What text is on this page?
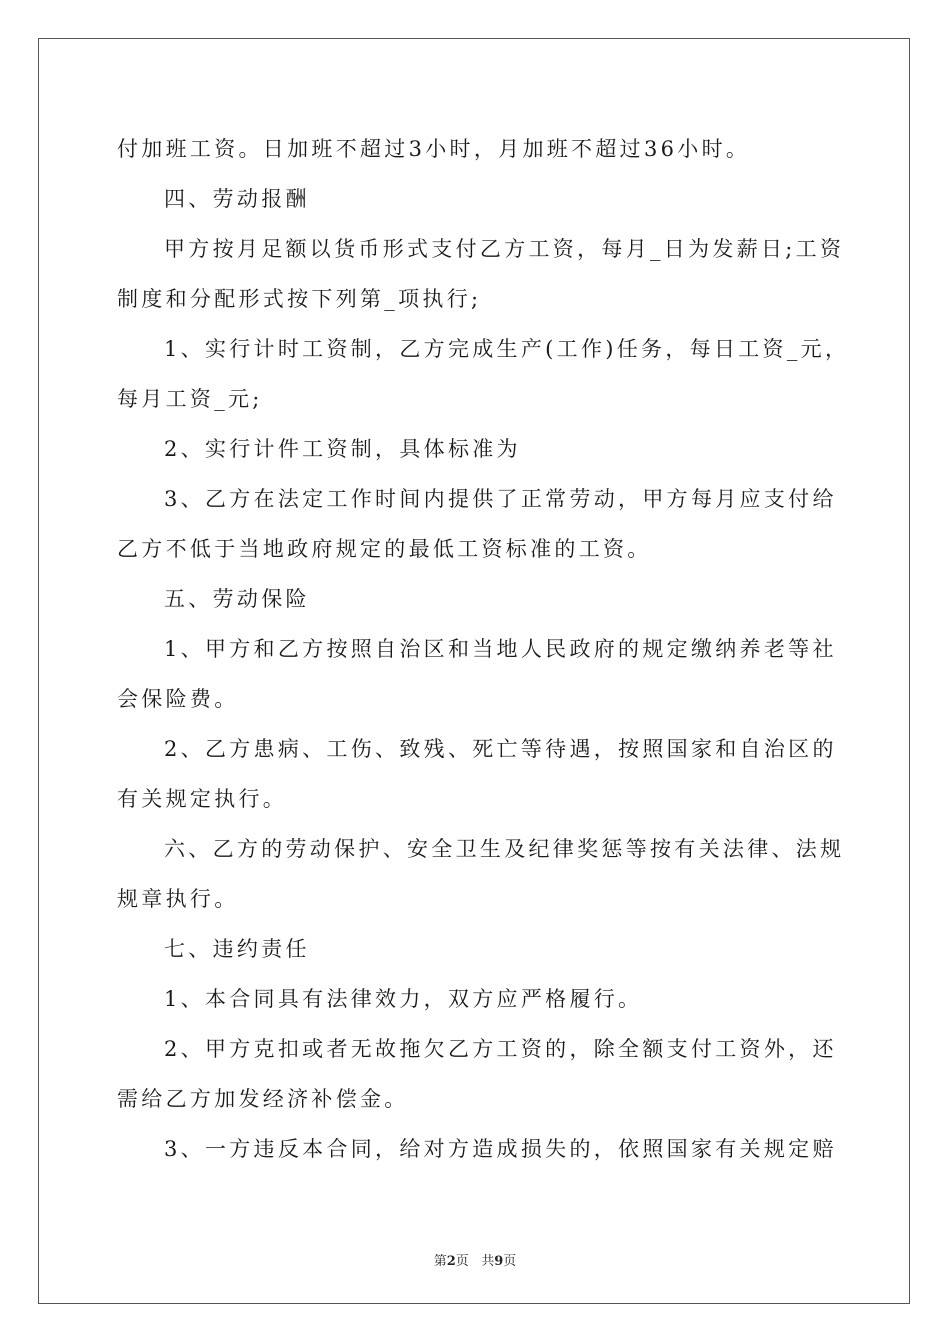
付加班工资。日加班不超过3小时，月加班不超过36小时。
四、劳动报酬
甲方按月足额以货币形式支付乙方工资，每月_日为发薪日;工资
制度和分配形式按下列第_项执行;
1、实行计时工资制，乙方完成生产(工作)任务，每日工资_元，
每月工资_元;
2、实行计件工资制，具体标准为
3、乙方在法定工作时间内提供了正常劳动，甲方每月应支付给
乙方不低于当地政府规定的最低工资标准的工资。
五、劳动保险
1、甲方和乙方按照自治区和当地人民政府的规定缴纳养老等社
会保险费。
2、乙方患病、工伤、致残、死亡等待遇，按照国家和自治区的
有关规定执行。
六、乙方的劳动保护、安全卫生及纪律奖惩等按有关法律、法规
规章执行。
七、违约责任
1、本合同具有法律效力，双方应严格履行。
2、甲方克扣或者无故拖欠乙方工资的，除全额支付工资外，还
需给乙方加发经济补偿金。
3、一方违反本合同，给对方造成损失的，依照国家有关规定赔
第2页 共9页
